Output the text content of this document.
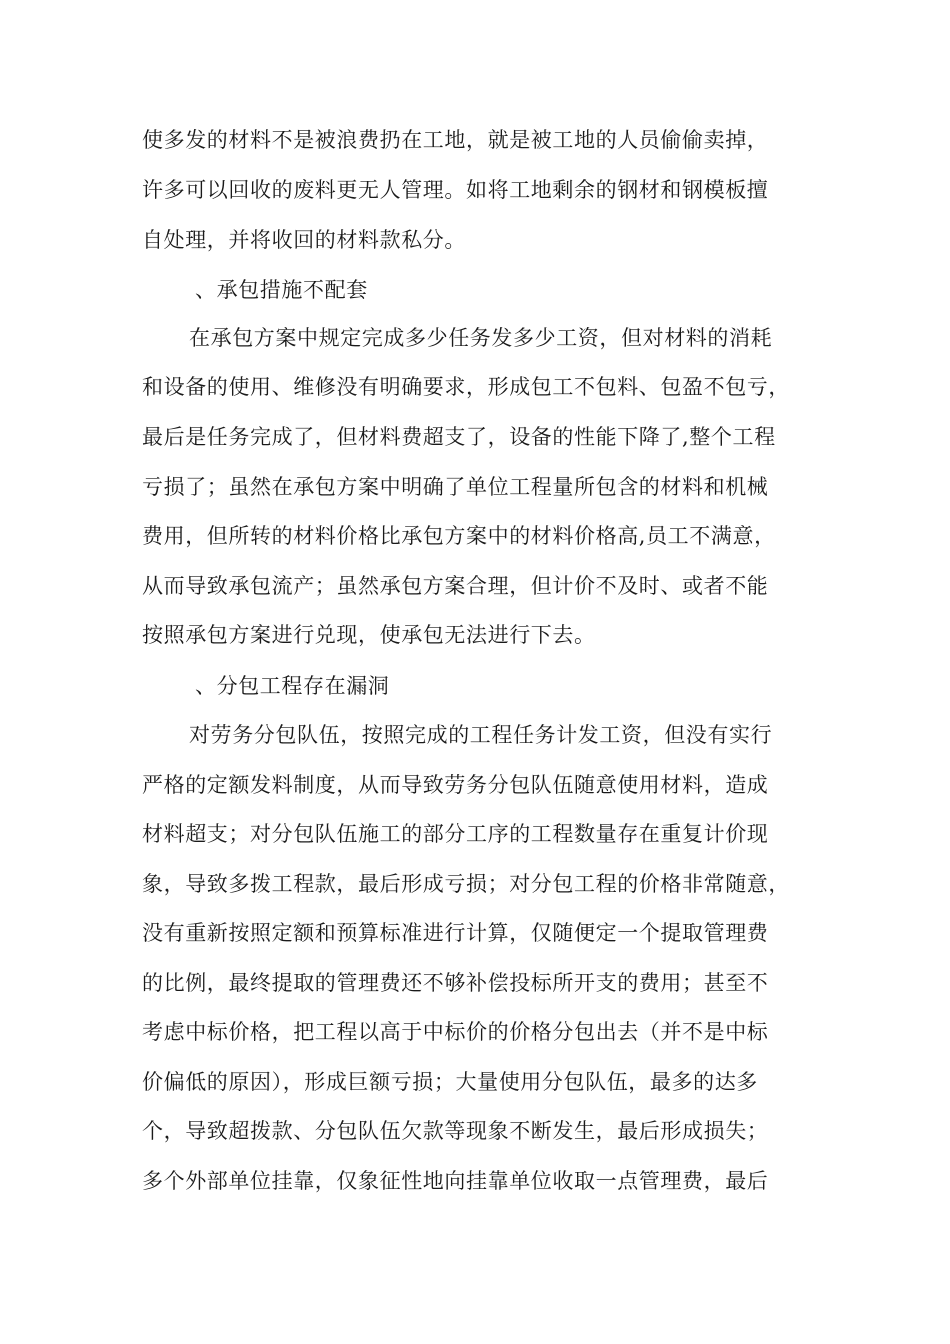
使多发的材料不是被浪费扔在工地，就是被工地的人员偷偷卖掉，
许多可以回收的废料更无人管理。如将工地剩余的钢材和钢模板擅
自处理，并将收回的材料款私分。
、承包措施不配套
在承包方案中规定完成多少任务发多少工资，但对材料的消耗
和设备的使用、维修没有明确要求，形成包工不包料、包盈不包亏，
最后是任务完成了，但材料费超支了，设备的性能下降了,整个工程
亏损了；虽然在承包方案中明确了单位工程量所包含的材料和机械
费用，但所转的材料价格比承包方案中的材料价格高,员工不满意，
从而导致承包流产；虽然承包方案合理，但计价不及时、或者不能
按照承包方案进行兑现，使承包无法进行下去。
、分包工程存在漏洞
对劳务分包队伍，按照完成的工程任务计发工资，但没有实行
严格的定额发料制度，从而导致劳务分包队伍随意使用材料，造成
材料超支；对分包队伍施工的部分工序的工程数量存在重复计价现
象，导致多拨工程款，最后形成亏损；对分包工程的价格非常随意，
没有重新按照定额和预算标准进行计算，仅随便定一个提取管理费
的比例，最终提取的管理费还不够补偿投标所开支的费用；甚至不
考虑中标价格，把工程以高于中标价的价格分包出去（并不是中标
价偏低的原因），形成巨额亏损；大量使用分包队伍，最多的达多
个，导致超拨款、分包队伍欠款等现象不断发生，最后形成损失；
多个外部单位挂靠，仅象征性地向挂靠单位收取一点管理费，最后
